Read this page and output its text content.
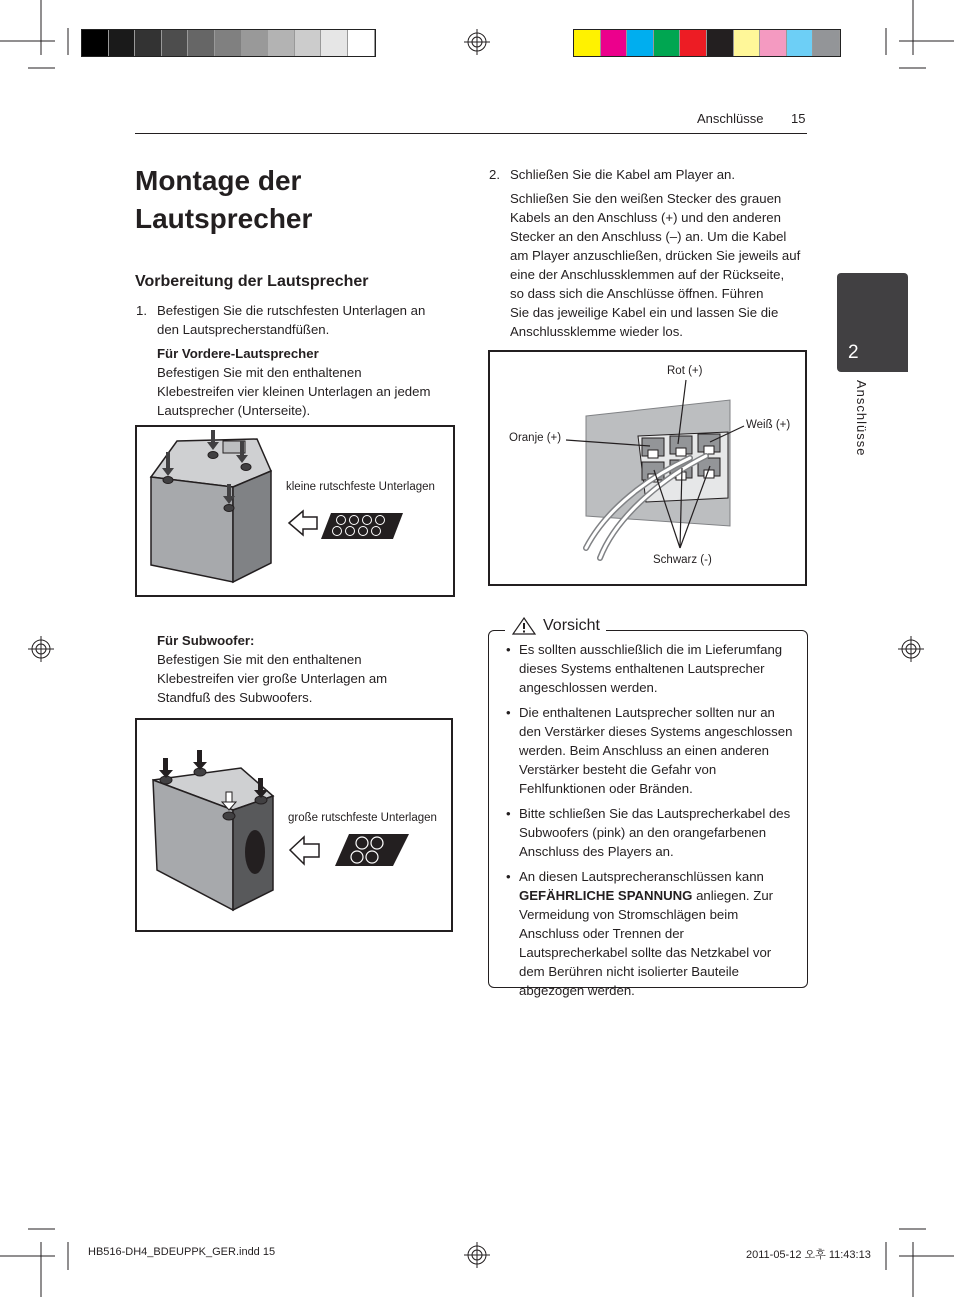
Anschlüsse 15
2
Anschlüsse
Montage der
Lautsprecher
Vorbereitung der Lautsprecher
1. Befestigen Sie die rutschfesten Unterlagen an
den Lautsprecherstandfüßen.
Für Vordere-Lautsprecher
Befestigen Sie mit den enthaltenen
Klebestreifen vier kleinen Unterlagen an jedem
Lautsprecher (Unterseite).
kleine rutschfeste Unterlagen
Für Subwoofer:
Befestigen Sie mit den enthaltenen
Klebestreifen vier große Unterlagen am
Standfuß des Subwoofers.
große rutschfeste Unterlagen
2. Schließen Sie die Kabel am Player an.
Schließen Sie den weißen Stecker des grauen
Kabels an den Anschluss (+) und den anderen
Stecker an den Anschluss (–) an. Um die Kabel
am Player anzuschließen, drücken Sie jeweils auf
eine der Anschlussklemmen auf der Rückseite,
so dass sich die Anschlüsse öffnen. Führen
Sie das jeweilige Kabel ein und lassen Sie die
Anschlussklemme wieder los.
Rot (+)
Weiß (+)
Oranje (+)
Schwarz (-)
Vorsicht
• Es sollten ausschließlich die im Lieferumfang dieses Systems enthaltenen Lautsprecher angeschlossen werden.
• Die enthaltenen Lautsprecher sollten nur an den Verstärker dieses Systems angeschlossen werden. Beim Anschluss an einen anderen Verstärker besteht die Gefahr von Fehlfunktionen oder Bränden.
• Bitte schließen Sie das Lautsprecherkabel des Subwoofers (pink) an den orangefarbenen Anschluss des Players an.
• An diesen Lautsprecheranschlüssen kann GEFÄHRLICHE SPANNUNG anliegen. Zur Vermeidung von Stromschlägen beim Anschluss oder Trennen der Lautsprecherkabel sollte das Netzkabel vor dem Berühren nicht isolierter Bauteile abgezogen werden.
HB516-DH4_BDEUPPK_GER.indd 15	2011-05-12 오후 11:43:13
